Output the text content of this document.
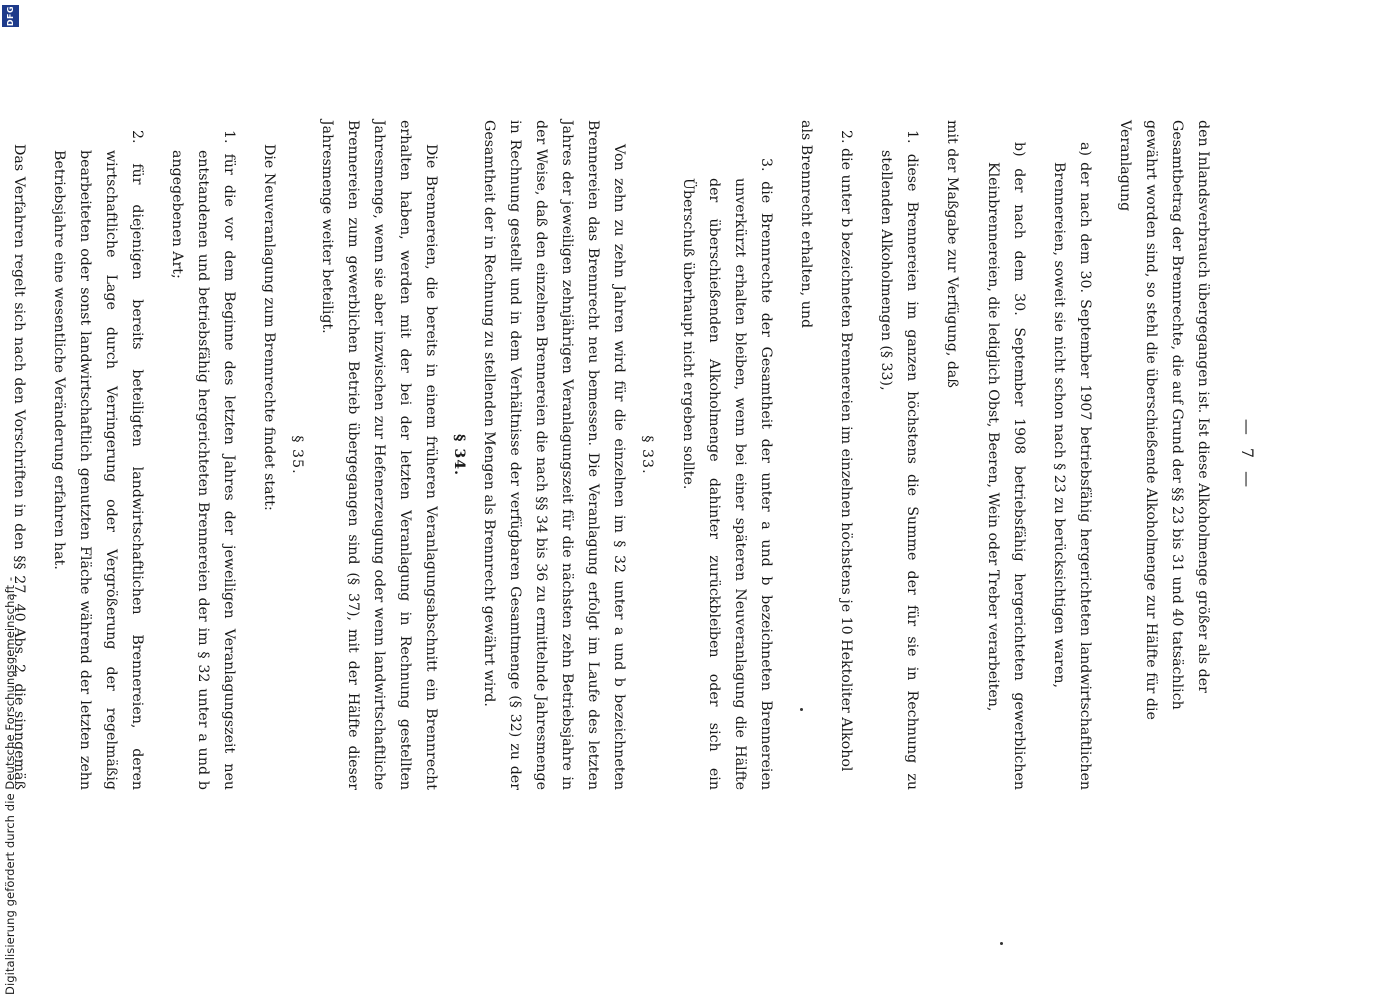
— 7 —

den Inlandsverbrauch übergegangen ist. Ist diese Alkoholmenge größer als der

Gesamtbetrag der Brennrechte, die auf Grund der §§ 23 bis 31 und 40 tatsächlich

gewährt worden sind, so stehl die überschießende Alkoholmenge zur Hälfte für die

Veranlagung

a) der nach dem 30. September 1907 betriebsfähig hergerichteten landwirtschaftlichen Brennereien, soweit sie nicht schon nach § 23 zu berücksichtigen waren,

b) der nach dem 30. September 1908 betriebsfähig hergerichteten gewerblichen Kleinbrennereien, die lediglich Obst, Beeren, Wein oder Treber verarbeiten,

mit der Maßgabe zur Verfügung, daß

1. diese Brennereien im ganzen höchstens die Summe der für sie in Rechnung zu stellenden Alkoholmengen (§ 33),

2. die unter b bezeichneten Brennereien im einzelnen höchstens je 10 Hektoliter Alkohol

als Brennrecht erhalten, und

3. die Brennrechte der Gesamtheit der unter a und b bezeichneten Brennereien unverkürzt erhalten bleiben, wenn bei einer späteren Neuveranlagung die Hälfte der überschießenden Alkoholmenge dahinter zurückbleiben oder sich ein Überschuß überhaupt nicht ergeben sollte.

§ 33.

Von zehn zu zehn Jahren wird für die einzelnen im § 32 unter a und b bezeichneten Brennereien das Brennrecht neu bemessen. Die Veranlagung erfolgt im Laufe des letzten Jahres der jeweiligen zehnjährigen Veranlagungszeit für die nächsten zehn Betriebsjahre in der Weise, daß den einzelnen Brennereien die nach §§ 34 bis 36 zu ermittelnde Jahresmenge in Rechnung gestellt und in dem Verhältnisse der verfügbaren Gesamtmenge (§ 32) zu der Gesamtheit der in Rechnung zu stellenden Mengen als Brennrecht gewährt wird.

§ 34.

Die Brennereien, die bereits in einem früheren Veranlagungsabschnitt ein Brennrecht erhalten haben, werden mit der bei der letzten Veranlagung in Rechnung gestellten Jahresmenge, wenn sie aber inzwischen zur Hefenerzeugung oder wenn landwirtschaftliche Brennereien zum gewerblichen Betrieb übergegangen sind (§ 37), mit der Hälfte dieser Jahresmenge weiter beteiligt.

§ 35.

Die Neuveranlagung zum Brennrechte findet statt:

1. für die vor dem Beginne des letzten Jahres der jeweiligen Veranlagungszeit neu entstandenen und betriebsfähig hergerichteten Brennereien der im § 32 unter a und b angegebenen Art;

2. für diejenigen bereits beteiligten landwirtschaftlichen Brennereien, deren wirtschaftliche Lage durch Verringerung oder Vergrößerung der regelmäßig bearbeiteten oder sonst landwirtschaftlich genutzten Fläche während der letzten zehn Betriebsjahre eine wesentliche Veränderung erfahren hat.

Das Verfahren regelt sich nach den Vorschriften in den §§ 27, 40 Abs. 2, die sinngemäß

Digitalisierung gefördert durch die Deutsche Forschungsgemeinschaft -
DFG
